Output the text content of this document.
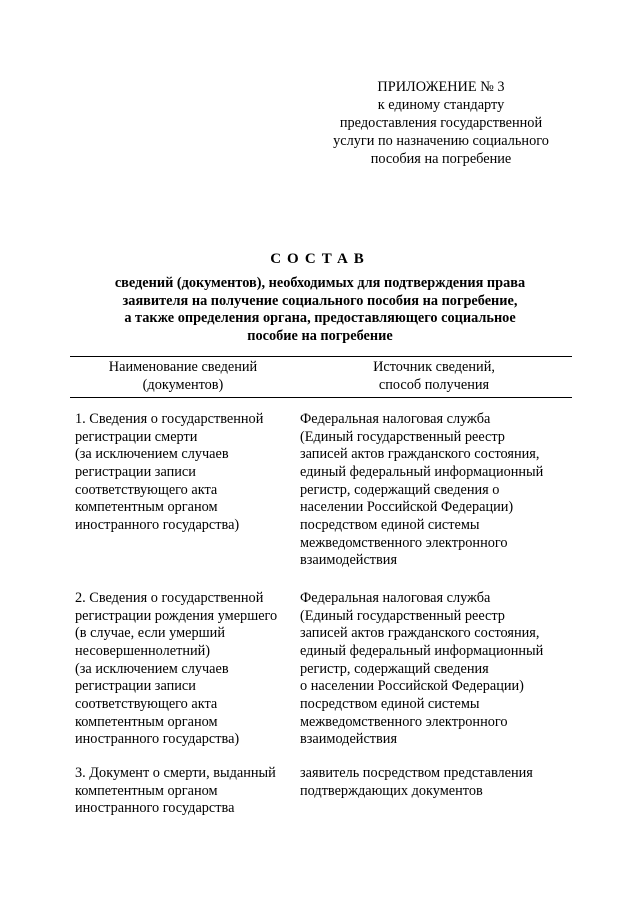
ПРИЛОЖЕНИЕ № 3
к единому стандарту
предоставления государственной
услуги по назначению социального
пособия на погребение
СОСТАВ
сведений (документов), необходимых для подтверждения права
заявителя на получение социального пособия на погребение,
а также определения органа, предоставляющего социальное
пособие на погребение
Наименование сведений
(документов)
Источник сведений,
способ получения
1. Сведения о государственной
регистрации смерти
(за исключением случаев
регистрации записи
соответствующего акта
компетентным органом
иностранного государства)
Федеральная налоговая служба
(Единый государственный реестр
записей актов гражданского состояния,
единый федеральный информационный
регистр, содержащий сведения о
населении Российской Федерации)
посредством единой системы
межведомственного электронного
взаимодействия
2. Сведения о государственной
регистрации рождения умершего
(в случае, если умерший
несовершеннолетний)
(за исключением случаев
регистрации записи
соответствующего акта
компетентным органом
иностранного государства)
Федеральная налоговая служба
(Единый государственный реестр
записей актов гражданского состояния,
единый федеральный информационный
регистр, содержащий сведения
о населении Российской Федерации)
посредством единой системы
межведомственного электронного
взаимодействия
3. Документ о смерти, выданный
компетентным органом
иностранного государства
заявитель посредством представления
подтверждающих документов
